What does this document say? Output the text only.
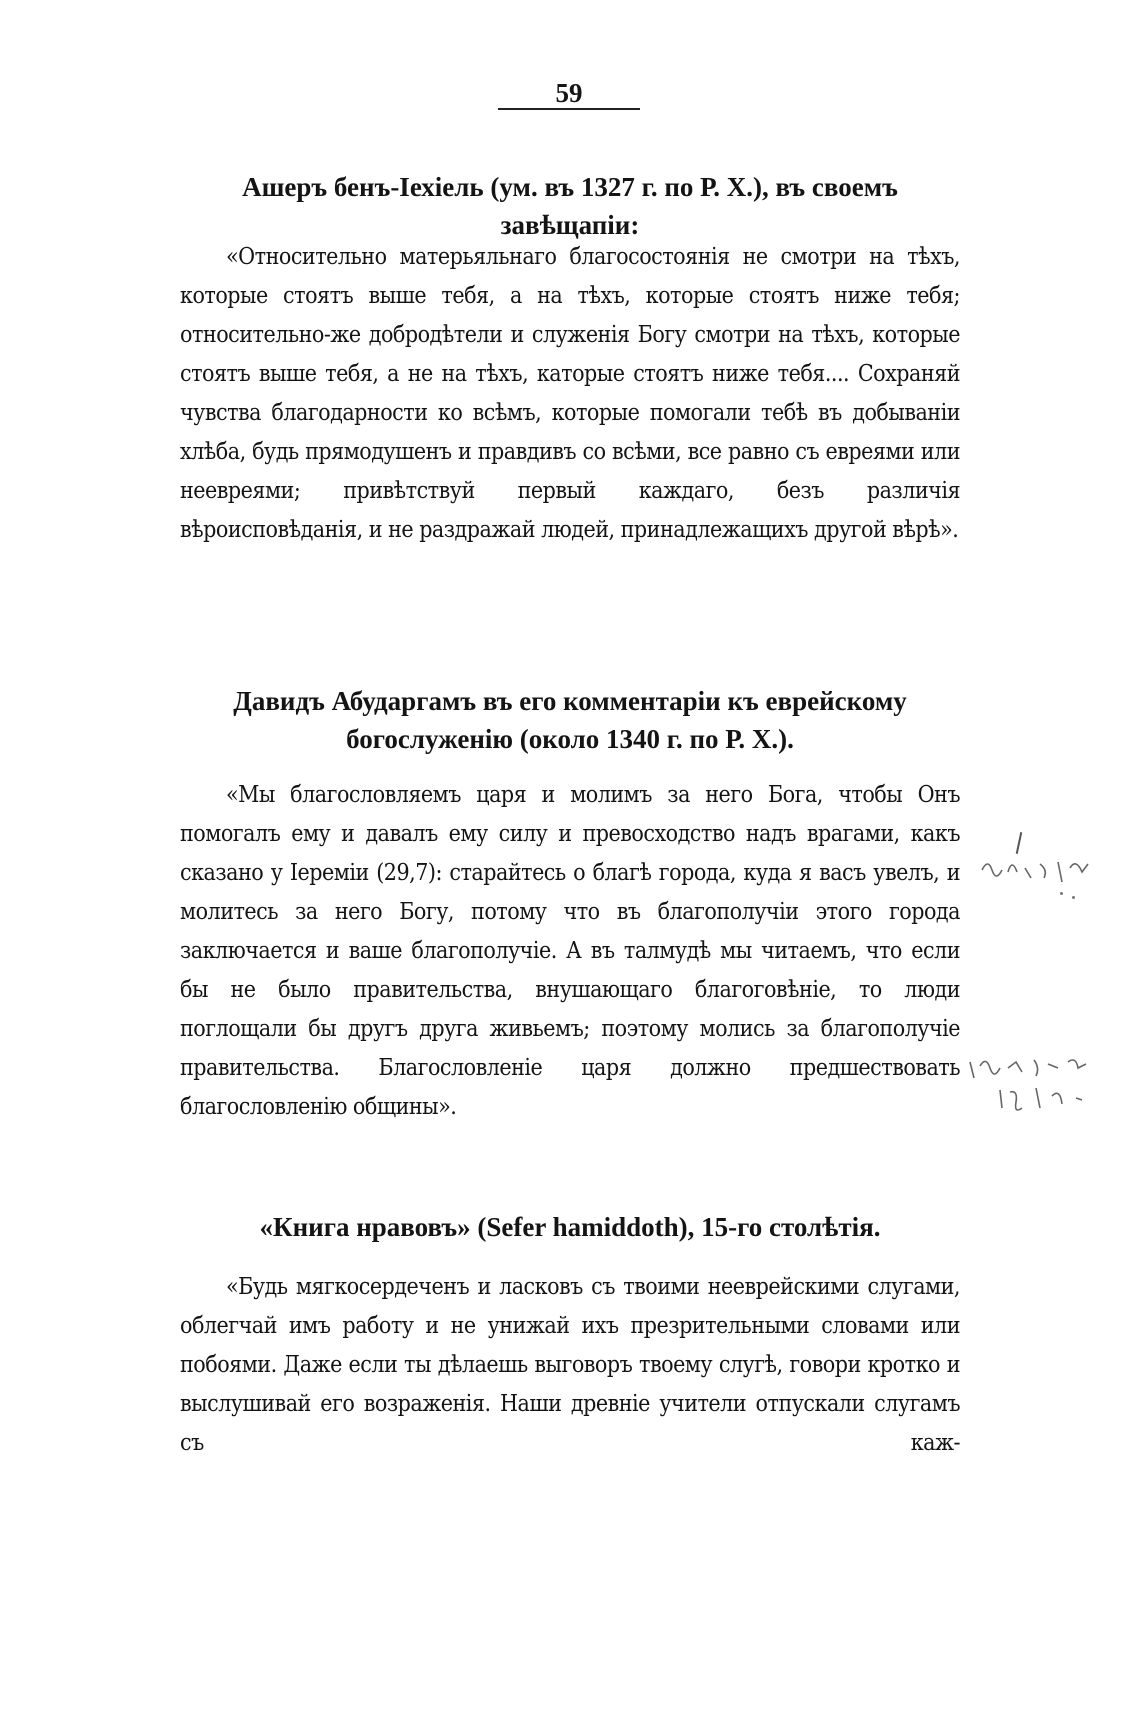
59
Ашеръ бенъ-Іехіель (ум. въ 1327 г. по Р. Х.), въ своемъ завѣщапіи:
«Относительно матерьяльнаго благосостоянія не смотри на тѣхъ, которые стоятъ выше тебя, а на тѣхъ, которые стоятъ ниже тебя; относительно-же добродѣтели и служенія Богу смотри на тѣхъ, которые стоятъ выше тебя, а не на тѣхъ, каторые стоятъ ниже тебя.... Сохраняй чувства благодарности ко всѣмъ, которые помогали тебѣ въ добываніи хлѣба, будь прямодушенъ и правдивъ со всѣми, все равно съ евреями или неевреями; привѣтствуй первый каждаго, безъ различія вѣроисповѣданія, и не раздражай людей, принадлежащихъ другой вѣрѣ».
Давидъ Абударгамъ въ его комментаріи къ еврейскому богослуженію (около 1340 г. по Р. Х.).
«Мы благословляемъ царя и молимъ за него Бога, чтобы Онъ помогалъ ему и давалъ ему силу и превосходство надъ врагами, какъ сказано у Іереміи (29,7): старайтесь о благѣ города, куда я васъ увелъ, и молитесь за него Богу, потому что въ благополучіи этого города заключается и ваше благополучіе. А въ талмудѣ мы читаемъ, что если бы не было правительства, внушающаго благоговѣніе, то люди поглощали бы другъ друга живьемъ; поэтому молись за благополучіе правительства. Благословленіе царя должно предшествовать благословленію общины».
«Книга нравовъ» (Sefer hamiddoth), 15-го столѣтія.
«Будь мягкосердеченъ и ласковъ съ твоими нееврейскими слугами, облегчай имъ работу и не унижай ихъ презрительными словами или побоями. Даже если ты дѣлаешь выговоръ твоему слугѣ, говори кротко и выслушивай его возраженія. Наши древніе учители отпускали слугамъ съ каж-
